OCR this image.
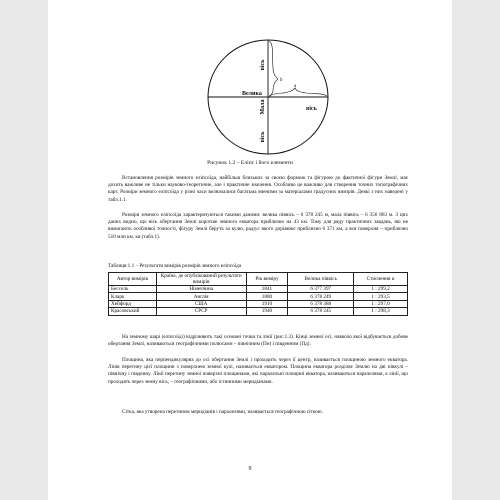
Велика
вісь
Мала
вісь
вісь
b
a
Рисунок 1.2 – Еліпс і його елементи

Встановлення розмірів земного еліпсоїда, найбільш близьких за своєю формою та фігурою до фактичної фігури Землі, має дохить важливе не тільки науково-теоретичне, але і практичне значення. Особливо це важливо для створення точних топографічних карт. Розміри земного еліпсоїда у різні часи визначалися багатьма вченими за матеріалами градусних вимірів. Деякі з них наведені у табл.1.1.

Розміри земного еліпсоїда характеризуються такими даними: велика піввісь – 6 378 245 м, мала піввісь – 6 356 863 м. З цих даних видно, що вісь обертання Землі коротше земного екватора приблизно на 43 км. Тому для ряду практичних завдань, які не вимагають особливої точності, фігуру Землі беруть за кулю, радіус якого дорівнює приблизно 6 371 км, а вся поверхня – приблизно 510 млн км. кв (табл.1).

Таблиця 1.1 – Результати вимірів розмірів земного еліпсоїда
Автор вимірів	Країна, де опублікований результати вимірів	Рік виміру	Велика піввісь	Стиснення α
Бессель	Німеччина	1841	6 377 397	1 : 299,2
Кларк	Англія	1880	6 378 249	1 : 293,5
Хейфорд	США	1910	6 378 388	1 : 297,0
Красовський	СРСР	1940	6 378 245	1 : 298,3

На земному шарі (еліпсоїді) відрізняють такі основні точки та лінії (рис.1.3). Кінці земної осі, навколо якої відбувається добове обертання Землі, називаються географічними полюсами – північним (Пн) і південним (Пд).

Площина, яка перпендикулярна до осі обертання Землі і проходить через її центр, називається площиною земного екватора. Лінія перетину цієї площини з поверхнею земної кулі, називається екватором. Площина екватора розділяє Землю на дві півкулі – північну і південну. Лінії перетину земної поверхні площинами, які паралельні площині екватора, називаються паралелями, а лінії, що проходять через земну вісь, – географічними, або істинними меридіанами.

Сітка, яка утворена перетином меридіанів і паралелями, називається географічною сіткою.

9
